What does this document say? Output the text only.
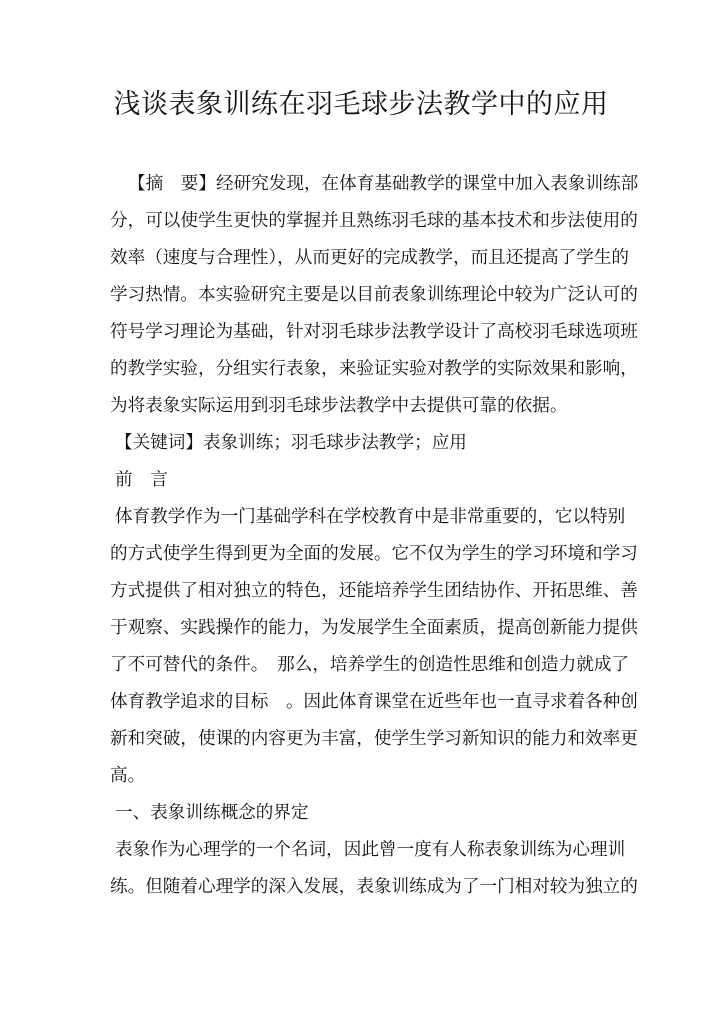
浅谈表象训练在羽毛球步法教学中的应用
【摘　要】经研究发现，在体育基础教学的课堂中加入表象训练部
分，可以使学生更快的掌握并且熟练羽毛球的基本技术和步法使用的
效率（速度与合理性），从而更好的完成教学，而且还提高了学生的
学习热情。本实验研究主要是以目前表象训练理论中较为广泛认可的
符号学习理论为基础，针对羽毛球步法教学设计了高校羽毛球选项班
的教学实验，分组实行表象，来验证实验对教学的实际效果和影响，
为将表象实际运用到羽毛球步法教学中去提供可靠的依据。
【关键词】表象训练；羽毛球步法教学；应用
前　言
体育教学作为一门基础学科在学校教育中是非常重要的，它以特别
的方式使学生得到更为全面的发展。它不仅为学生的学习环境和学习
方式提供了相对独立的特色，还能培养学生团结协作、开拓思维、善
于观察、实践操作的能力，为发展学生全面素质，提高创新能力提供
了不可替代的条件。　那么，培养学生的创造性思维和创造力就成了
体育教学追求的目标　。因此体育课堂在近些年也一直寻求着各种创
新和突破，使课的内容更为丰富，使学生学习新知识的能力和效率更
高。
一、表象训练概念的界定
表象作为心理学的一个名词，因此曾一度有人称表象训练为心理训
练。但随着心理学的深入发展，表象训练成为了一门相对较为独立的
